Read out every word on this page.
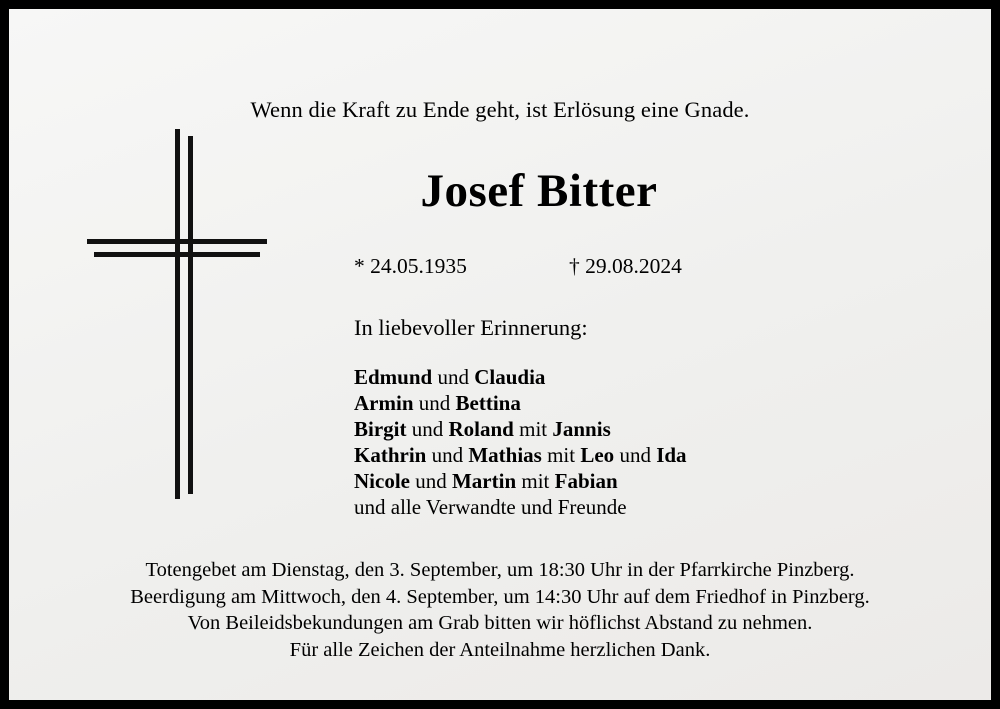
Wenn die Kraft zu Ende geht, ist Erlösung eine Gnade.
Josef Bitter
* 24.05.1935	† 29.08.2024
In liebevoller Erinnerung:
Edmund und Claudia
Armin und Bettina
Birgit und Roland mit Jannis
Kathrin und Mathias mit Leo und Ida
Nicole und Martin mit Fabian
und alle Verwandte und Freunde
Totengebet am Dienstag, den 3. September, um 18:30 Uhr in der Pfarrkirche Pinzberg.
Beerdigung am Mittwoch, den 4. September, um 14:30 Uhr auf dem Friedhof in Pinzberg.
Von Beileidsbekundungen am Grab bitten wir höflichst Abstand zu nehmen.
Für alle Zeichen der Anteilnahme herzlichen Dank.
